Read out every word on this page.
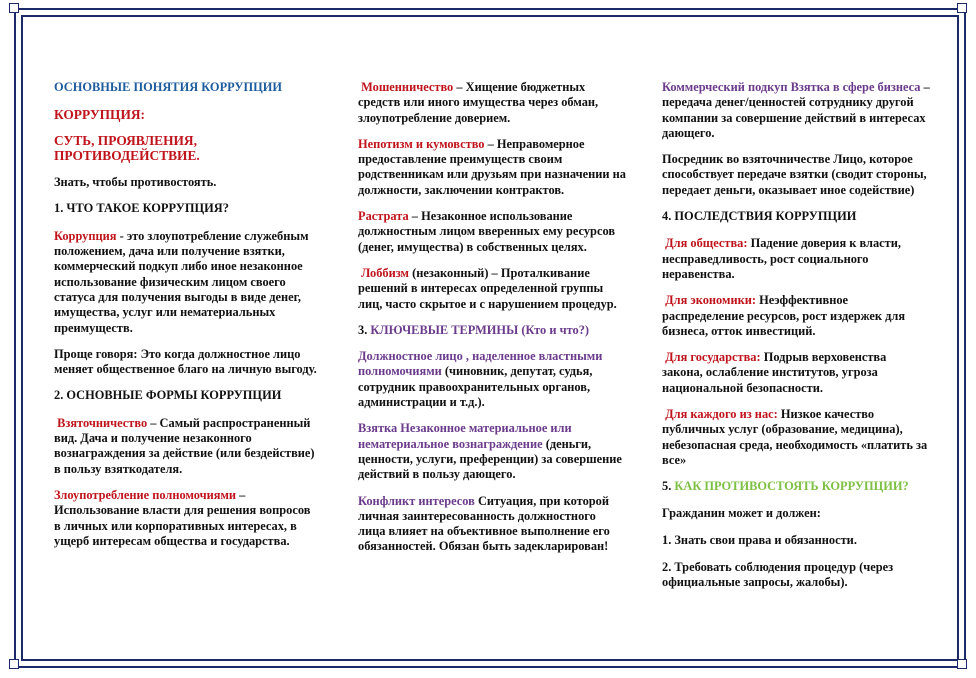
ОСНОВНЫЕ ПОНЯТИЯ КОРРУПЦИИ

КОРРУПЦИЯ:

СУТЬ, ПРОЯВЛЕНИЯ, ПРОТИВОДЕЙСТВИЕ.

Знать, чтобы противостоять.

1. ЧТО ТАКОЕ КОРРУПЦИЯ?

Коррупция - это злоупотребление служебным положением, дача или получение взятки, коммерческий подкуп либо иное незаконное использование физическим лицом своего статуса для получения выгоды в виде денег, имущества, услуг или нематериальных преимуществ.

Проще говоря: Это когда должностное лицо меняет общественное благо на личную выгоду.

2. ОСНОВНЫЕ ФОРМЫ КОРРУПЦИИ

Взяточничество – Самый распространенный вид. Дача и получение незаконного вознаграждения за действие (или бездействие) в пользу взяткодателя.

Злоупотребление полномочиями – Использование власти для решения вопросов в личных или корпоративных интересах, в ущерб интересам общества и государства.

Мошенничество – Хищение бюджетных средств или иного имущества через обман, злоупотребление доверием.

Непотизм и кумовство – Неправомерное предоставление преимуществ своим родственникам или друзьям при назначении на должности, заключении контрактов.

Растрата – Незаконное использование должностным лицом вверенных ему ресурсов (денег, имущества) в собственных целях.

Лоббизм (незаконный) – Проталкивание решений в интересах определенной группы лиц, часто скрытое и с нарушением процедур.

3. КЛЮЧЕВЫЕ ТЕРМИНЫ (Кто и что?)

Должностное лицо , наделенное властными полномочиями (чиновник, депутат, судья, сотрудник правоохранительных органов, администрации и т.д.).

Взятка Незаконное материальное или нематериальное вознаграждение (деньги, ценности, услуги, преференции) за совершение действий в пользу дающего.

Конфликт интересов Ситуация, при которой личная заинтересованность должностного лица влияет на объективное выполнение его обязанностей. Обязан быть задекларирован!

Коммерческий подкуп Взятка в сфере бизнеса – передача денег/ценностей сотруднику другой компании за совершение действий в интересах дающего.

Посредник во взяточничестве Лицо, которое способствует передаче взятки (сводит стороны, передает деньги, оказывает иное содействие)

4. ПОСЛЕДСТВИЯ КОРРУПЦИИ

Для общества: Падение доверия к власти, несправедливость, рост социального неравенства.

Для экономики: Неэффективное распределение ресурсов, рост издержек для бизнеса, отток инвестиций.

Для государства: Подрыв верховенства закона, ослабление институтов, угроза национальной безопасности.

Для каждого из нас: Низкое качество публичных услуг (образование, медицина), небезопасная среда, необходимость «платить за все»

5. КАК ПРОТИВОСТОЯТЬ КОРРУПЦИИ?

Гражданин может и должен:

1. Знать свои права и обязанности.

2. Требовать соблюдения процедур (через официальные запросы, жалобы).
